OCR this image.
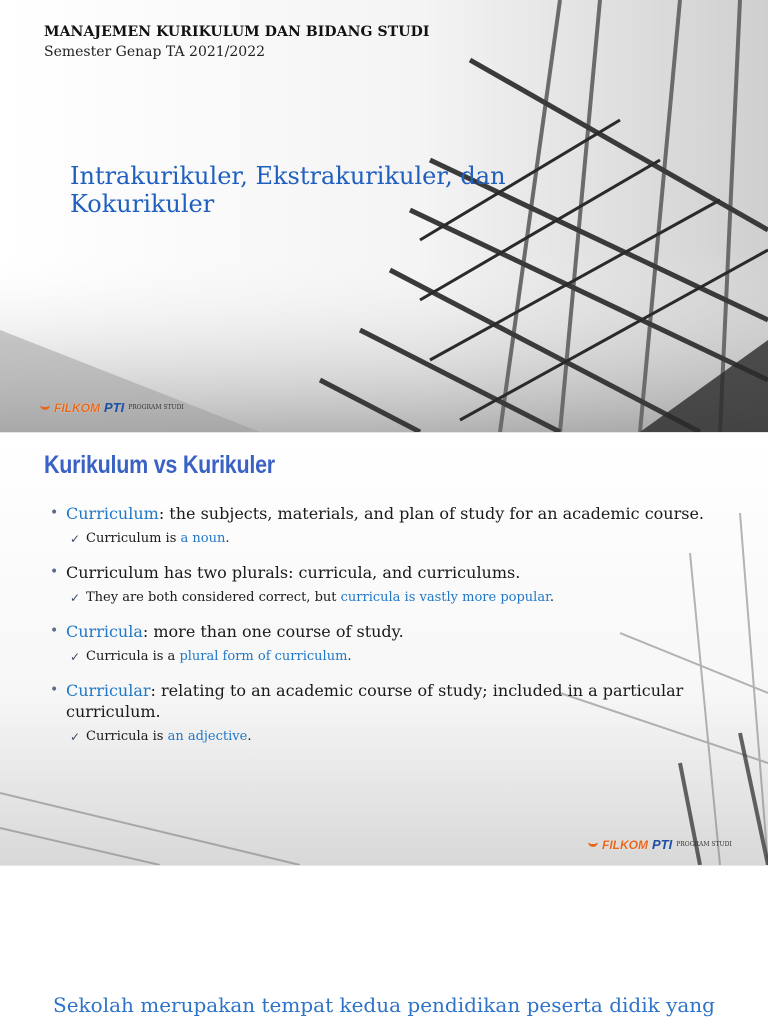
MANAJEMEN KURIKULUM DAN BIDANG STUDI
Semester Genap TA 2021/2022
Intrakurikuler, Ekstrakurikuler, dan Kokurikuler
FILKOM PTI PROGRAM STUDI
Kurikulum vs Kurikuler
• Curriculum: the subjects, materials, and plan of study for an academic course.
✓ Curriculum is a noun.
• Curriculum has two plurals: curricula, and curriculums.
✓ They are both considered correct, but curricula is vastly more popular.
• Curricula: more than one course of study.
✓ Curricula is a plural form of curriculum.
• Curricular: relating to an academic course of study; included in a particular curriculum.
✓ Curricula is an adjective.
FILKOM PTI PROGRAM STUDI
Sekolah merupakan tempat kedua pendidikan peserta didik yang
